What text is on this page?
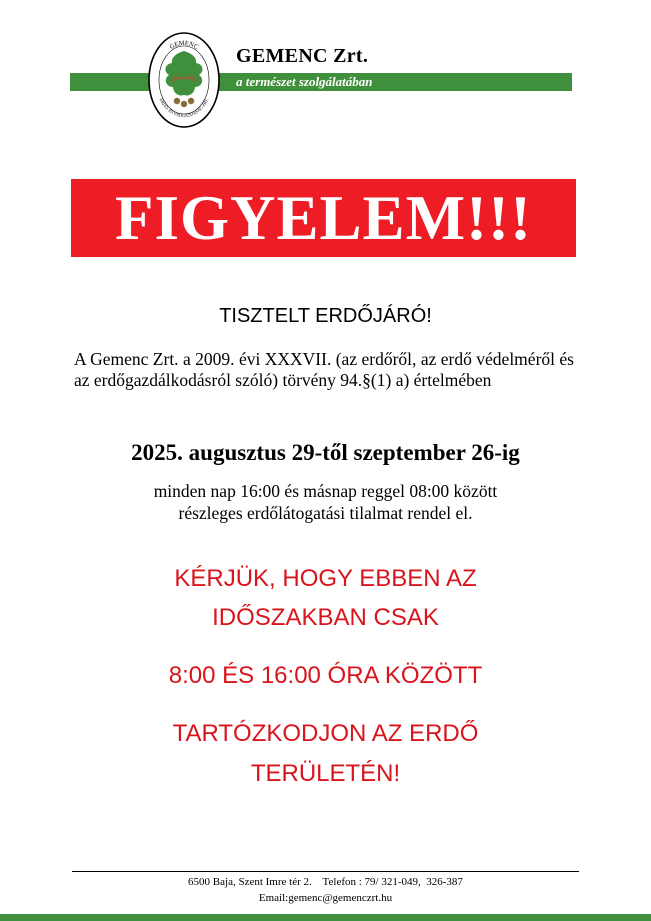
GEMENC
ERDŐ- ÉS VADGAZDASÁG ZRT.
GEMENC Zrt.
a természet szolgálatában
FIGYELEM!!!
TISZTELT ERDŐJÁRÓ!

A Gemenc Zrt. a 2009. évi XXXVII. (az erdőről, az erdő védelméről és az erdőgazdálkodásról szóló) törvény 94.§(1) a) értelmében

2025. augusztus 29-től szeptember 26-ig
minden nap 16:00 és másnap reggel 08:00 között
részleges erdőlátogatási tilalmat rendel el.
KÉRJÜK, HOGY EBBEN AZ
IDŐSZAKBAN CSAK
8:00 ÉS 16:00 ÓRA KÖZÖTT
TARTÓZKODJON AZ ERDŐ
TERÜLETÉN!
6500 Baja, Szent Imre tér 2.    Telefon : 79/ 321-049,  326-387
Email:gemenc@gemenczrt.hu
